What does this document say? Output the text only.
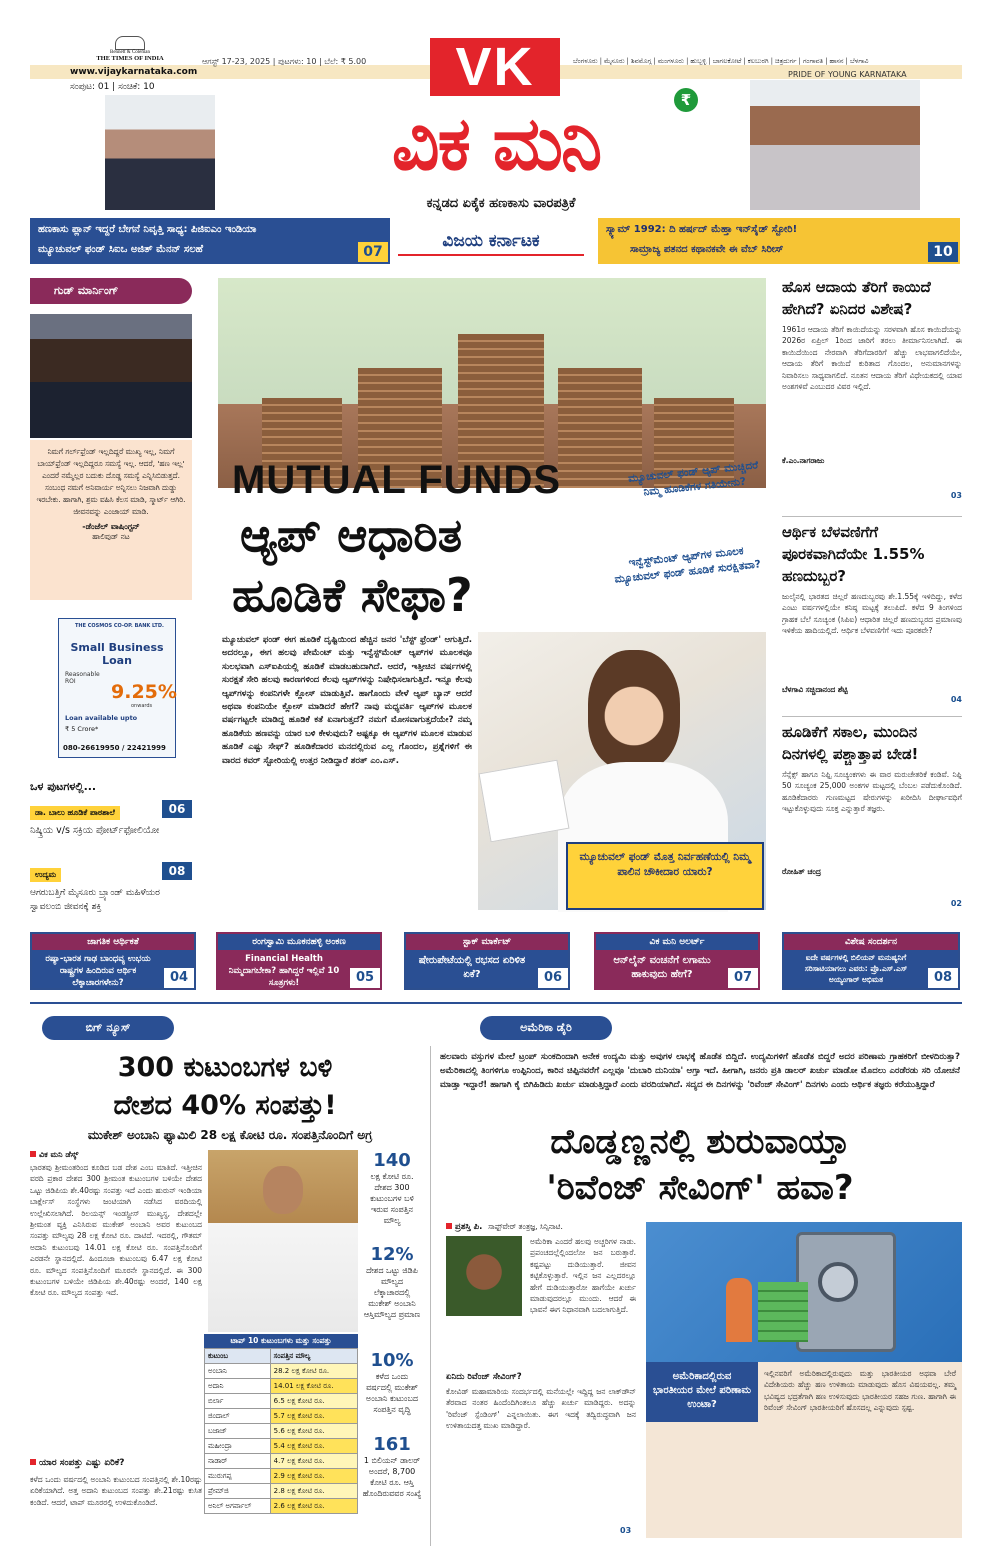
Bennett & Coleman
THE TIMES OF INDIA
www.vijaykarnataka.com
ಸಂಪುಟ: 01 | ಸಂಚಿಕೆ: 10
ಆಗಸ್ಟ್ 17-23, 2025 | ಪುಟಗಳು: 10 | ಬೆಲೆ: ₹ 5.00	ಬೆಂಗಳೂರು | ಮೈಸೂರು | ಶಿವಮೊಗ್ಗ | ಮಂಗಳೂರು | ಹುಬ್ಬಳ್ಳಿ | ಬಾಗಲಕೋಟೆ | ಕಲಬುರಗಿ | ಚಿತ್ರದುರ್ಗ | ಗಂಗಾವತಿ | ಹಾಸನ | ಬೆಳಗಾವಿ
PRIDE OF YOUNG KARNATAKA
VK
ವಿಕ ಮನಿ
₹
ಕನ್ನಡದ ಏಕೈಕ ಹಣಕಾಸು ವಾರಪತ್ರಿಕೆ
ಹಣಕಾಸು ಪ್ಲಾನ್ ಇದ್ದರೆ ಬೇಗನೆ ನಿವೃತ್ತಿ ಸಾಧ್ಯ: ಪಿಜಿಐಎಂ ಇಂಡಿಯಾ
ಮ್ಯೂಚುವಲ್ ಫಂಡ್ ಸಿಐಒ ಅಜಿತ್ ಮೆನನ್ ಸಲಹೆ	07
ವಿಜಯ ಕರ್ನಾಟಕ
ಸ್ಕ್ಯಾಮ್ 1992: ದಿ ಹರ್ಷದ್ ಮೆಹ್ತಾ ಇನ್‌ಸೈಡ್ ಸ್ಟೋರಿ!
ಸಾಮ್ರಾಜ್ಯ ಪತನದ ಕಥಾನಕವೇ ಈ ವೆಬ್ ಸಿರೀಸ್	10
ಗುಡ್ ಮಾರ್ನಿಂಗ್
ನಿಮಗೆ ಗರ್ಲ್‌ಫ್ರೆಂಡ್ ಇಲ್ಲದಿದ್ದರೆ ಮುಖ್ಯ ಇಲ್ಲ, ನಿಮಗೆ ಬಾಯ್‌ಫ್ರೆಂಡ್ ಇಲ್ಲದಿದ್ದರೂ ಸಮಸ್ಯೆ ಇಲ್ಲ. ಆದರೆ, 'ಹಣ ಇಲ್ಲ' ಎಂದರೆ ನಮ್ಮೆಲ್ಲರ ಬದುಕು ದೊಡ್ಡ ಸಮಸ್ಯೆ ಎನ್ನಿಸಿಬಿಡುತ್ತದೆ. ಸಂಬಂಧ ನಮಗೆ ಅನಿವಾರ್ಯ ಅನ್ನಿಸಲು ನಿಜವಾಗಿ ದುಡ್ಡು ಇರಬೇಕು. ಹಾಗಾಗಿ, ಶ್ರಮ ವಹಿಸಿ ಕೆಲಸ ಮಾಡಿ, ಸ್ಮಾರ್ಟ್ ಆಗಿರಿ. ಜೀವನವನ್ನು ಎಂಜಾಯ್ ಮಾಡಿ.
-ಡೆಂಜೆಲ್ ವಾಷಿಂಗ್ಟನ್
ಹಾಲಿವುಡ್ ನಟ
THE COSMOS CO-OP. BANK LTD.
Small Business Loan
Reasonable ROI	9.25%
onwards
Loan available upto
₹ 5 Crore*
080-26619950 / 22421999
ಒಳ ಪುಟಗಳಲ್ಲಿ...
ಡಾ. ಬಾಲು ಹೂಡಿಕೆ ಪಾಠಶಾಲೆ	06
ನಿಷ್ಕ್ರಿಯ v/s ಸಕ್ರಿಯ ಪೋರ್ಟ್‌ಫೋಲಿಯೋ
ಉದ್ಯಮ	08
ಆಗರುಬತ್ತಿಗೆ ಮೈಸೂರು ಬ್ರ್ಯಾಂಡ್ ಮಹಿಳೆಯರ ಸ್ವಾವಲಂಬಿ ಜೀವನಕ್ಕೆ ಶಕ್ತಿ
MUTUAL FUNDS
ಆ್ಯಪ್ ಆಧಾರಿತ
ಹೂಡಿಕೆ ಸೇಫಾ?
ಮ್ಯೂಚುವಲ್ ಫಂಡ್ ಆ್ಯಪ್ ಮುಚ್ಚಿದರೆ ನಿಮ್ಮ ಹೂಡಿಕೆಗಳ ಗತಿಯೇನು?
ಇನ್ವೆಸ್ಟ್‌ಮೆಂಟ್ ಆ್ಯಪ್‌ಗಳ ಮೂಲಕ ಮ್ಯೂಚುವಲ್ ಫಂಡ್ ಹೂಡಿಕೆ ಸುರಕ್ಷಿತವಾ?
ಮ್ಯೂಚುವಲ್ ಫಂಡ್ ಈಗ ಹೂಡಿಕೆ ದೃಷ್ಟಿಯಿಂದ ಹೆಚ್ಚಿನ ಜನರ 'ಬೆಸ್ಟ್ ಫ್ರೆಂಡ್' ಆಗುತ್ತಿದೆ. ಅದರಲ್ಲೂ, ಈಗ ಹಲವು ಪೇಮೆಂಟ್ ಮತ್ತು ಇನ್ವೆಸ್ಟ್‌ಮೆಂಟ್ ಆ್ಯಪ್‌ಗಳ ಮೂಲಕವೂ ಸುಲಭವಾಗಿ ಎಸ್ಐಪಿಯಲ್ಲಿ ಹೂಡಿಕೆ ಮಾಡಬಹುದಾಗಿದೆ. ಆದರೆ, ಇತ್ತೀಚಿನ ವರ್ಷಗಳಲ್ಲಿ ಸುರಕ್ಷತೆ ಸೇರಿ ಹಲವು ಕಾರಣಗಳಿಂದ ಕೆಲವು ಆ್ಯಪ್‌ಗಳನ್ನು ನಿಷೇಧಿಸಲಾಗುತ್ತಿದೆ. ಇನ್ನೂ ಕೆಲವು ಆ್ಯಪ್‌ಗಳನ್ನು ಕಂಪನಿಗಳೇ ಕ್ಲೋಸ್ ಮಾಡುತ್ತಿವೆ. ಹಾಗೊಂದು ವೇಳೆ ಆ್ಯಪ್ ಬ್ಯಾನ್ ಆದರೆ ಅಥವಾ ಕಂಪನಿಯೇ ಕ್ಲೋಸ್ ಮಾಡಿದರೆ ಹೇಗೆ? ನಾವು ಮಧ್ಯವರ್ತಿ ಆ್ಯಪ್‌ಗಳ ಮೂಲಕ ವರ್ಷಗಟ್ಟಲೇ ಮಾಡಿದ್ದ ಹೂಡಿಕೆ ಕತೆ ಏನಾಗುತ್ತದೆ? ನಮಗೆ ಮೋಸವಾಗುತ್ತದೆಯೇ? ನಮ್ಮ ಹೂಡಿಕೆಯ ಹಣವನ್ನು ಯಾರ ಬಳಿ ಕೇಳುವುದು? ಅಷ್ಟಕ್ಕೂ ಈ ಆ್ಯಪ್‌ಗಳ ಮೂಲಕ ಮಾಡುವ ಹೂಡಿಕೆ ಎಷ್ಟು ಸೇಫ್? ಹೂಡಿಕೆದಾರರ ಮನದಲ್ಲಿರುವ ಎಲ್ಲ ಗೊಂದಲ, ಪ್ರಶ್ನೆಗಳಿಗೆ ಈ ವಾರದ ಕವರ್ ಸ್ಟೋರಿಯಲ್ಲಿ ಉತ್ತರ ನೀಡಿದ್ದಾರೆ ಶರತ್ ಎಂ.ಎಸ್.
ಮ್ಯೂಚುವಲ್ ಫಂಡ್ ಮೊತ್ತ ನಿರ್ವಹಣೆಯಲ್ಲಿ ನಿಮ್ಮ ಪಾಲಿನ ಚೌಕೀದಾರ ಯಾರು?
ಹೊಸ ಆದಾಯ ತೆರಿಗೆ ಕಾಯಿದೆ ಹೇಗಿದೆ? ಏನಿದರ ವಿಶೇಷ?
1961ರ ಆದಾಯ ತೆರಿಗೆ ಕಾಯಿದೆಯನ್ನು ಸರಳವಾಗಿ ಹೊಸ ಕಾಯಿದೆಯನ್ನು 2026ರ ಏಪ್ರಿಲ್ 1ರಿಂದ ಜಾರಿಗೆ ತರಲು ತೀರ್ಮಾನಿಸಲಾಗಿದೆ. ಈ ಕಾಯಿದೆಯಿಂದ ನೇರವಾಗಿ ತೆರಿಗೆದಾರರಿಗೆ ಹೆಚ್ಚು ಲಾಭವಾಗಲಿದೆಯೇ, ಆದಾಯ ತೆರಿಗೆ ಕಾಯಿದೆ ಕುರಿತಾದ ಗೊಂದಲ, ಅನುಮಾನಗಳನ್ನು ನಿವಾರಿಸಲು ಸಾಧ್ಯವಾಗಲಿದೆ. ನೂತನ ಆದಾಯ ತೆರಿಗೆ ವಿಧೇಯಕದಲ್ಲಿ ಯಾವ ಅಂಶಗಳಿವೆ ಎಂಬುದರ ವಿವರ ಇಲ್ಲಿದೆ.
ಕೆ.ಎಂ.ನಾಗರಾಜು
03
ಆರ್ಥಿಕ ಬೆಳವಣಿಗೆಗೆ ಪೂರಕವಾಗಿದೆಯೇ 1.55% ಹಣದುಬ್ಬರ?
ಜುಲೈನಲ್ಲಿ ಭಾರತದ ಚಿಲ್ಲರೆ ಹಣದುಬ್ಬರವು ಶೇ.1.55ಕ್ಕೆ ಇಳಿದಿದ್ದು, ಕಳೆದ ಎಂಟು ವರ್ಷಗಳಲ್ಲಿಯೇ ಕನಿಷ್ಠ ಮಟ್ಟಕ್ಕೆ ತಲುಪಿದೆ. ಕಳೆದ 9 ತಿಂಗಳಿಂದ ಗ್ರಾಹಕ ಬೆಲೆ ಸೂಚ್ಯಂಕ (ಸಿಪಿಐ) ಆಧಾರಿತ ಚಿಲ್ಲರೆ ಹಣದುಬ್ಬರದ ಪ್ರಮಾಣವು ಇಳಿಕೆಯ ಹಾದಿಯಲ್ಲಿದೆ. ಆರ್ಥಿಕ ಬೆಳವಣಿಗೆಗೆ ಇದು ಪೂರಕವೇ?
ಬೆಳಗಾವಿ ಸಚ್ಚಿದಾನಂದ ಶೆಟ್ಟಿ
04
ಹೂಡಿಕೆಗೆ ಸಕಾಲ, ಮುಂದಿನ ದಿನಗಳಲ್ಲಿ ಪಶ್ಚಾತ್ತಾಪ ಬೇಡ!
ಸೆನ್ಸೆಕ್ಸ್ ಹಾಗೂ ನಿಫ್ಟಿ ಸೂಚ್ಯಂಕಗಳು ಈ ವಾರ ಮರುಚೇತರಿಕೆ ಕಂಡಿವೆ. ನಿಫ್ಟಿ 50 ಸೂಚ್ಯಂಕ 25,000 ಅಂಕಗಳ ಮಟ್ಟದಲ್ಲಿ ಬೆಂಬಲ ಪಡೆದುಕೊಂಡಿದೆ. ಹೂಡಿಕೆದಾರರು ಗುಣಮಟ್ಟದ ಷೇರುಗಳನ್ನು ಖರೀದಿಸಿ ದೀರ್ಘಾವಧಿಗೆ ಇಟ್ಟುಕೊಳ್ಳುವುದು ಸೂಕ್ತ ಎನ್ನುತ್ತಾರೆ ತಜ್ಞರು.
ರೋಹಿತ್ ಚಂದ್ರ
02
ಜಾಗತಿಕ ಆರ್ಥಿಕತೆ
ರಷ್ಯಾ-ಭಾರತ ಗಾಢ ಬಾಂಧವ್ಯ ಉಭಯ ರಾಷ್ಟ್ರಗಳ ಹಿಂದಿರುವ ಆರ್ಥಿಕ ಲೆಕ್ಕಾಚಾರಗಳೇನು?	04
ರಂಗಸ್ವಾಮಿ ಮೂಕನಹಳ್ಳಿ ಅಂಕಣ
Financial Health ನಿಮ್ಮದಾಗಬೇಕಾ? ಹಾಗಿದ್ದರೆ ಇಲ್ಲಿವೆ 10 ಸೂತ್ರಗಳು!	05
ಸ್ಟಾಕ್ ಮಾರ್ಕೆಟ್
ಷೇರುಪೇಟೆಯಲ್ಲಿ ರಭಸದ ಏರಿಳಿತ ಏಕೆ?	06
ವಿಕ ಮನಿ ಅಲರ್ಟ್
ಆನ್‌ಲೈನ್ ವಂಚನೆಗೆ ಲಗಾಮು ಹಾಕುವುದು ಹೇಗೆ?	07
ವಿಶೇಷ ಸಂದರ್ಶನ
ಐದೇ ವರ್ಷಗಳಲ್ಲಿ ಬಿಲಿಯನ್ ಮನುಷ್ಯನಿಗೆ ಸರಿಸಾಟಿಯಾಗಲು ಎವರು: ಪ್ರೊ.ಎಸ್.ಎಸ್ ಅಯ್ಯಂಗಾರ್ ಅಭಿಮತ	08
ಬಿಗ್ ನ್ಯೂಸ್
300 ಕುಟುಂಬಗಳ ಬಳಿ
ದೇಶದ 40% ಸಂಪತ್ತು!
ಮುಕೇಶ್ ಅಂಬಾನಿ ಫ್ಯಾಮಿಲಿ 28 ಲಕ್ಷ ಕೋಟಿ ರೂ. ಸಂಪತ್ತಿನೊಂದಿಗೆ ಅಗ್ರ
ವಿಕ ಮನಿ ಡೆಸ್ಕ್
ಭಾರತವು ಶ್ರೀಮಂತರಿಂದ ಕೂಡಿದ ಬಡ ದೇಶ ಎಂಬ ಮಾತಿದೆ. ಇತ್ತೀಚಿನ ವರದಿ ಪ್ರಕಾರ ದೇಶದ 300 ಶ್ರೀಮಂತ ಕುಟುಂಬಗಳ ಬಳಿಯೇ ದೇಶದ ಒಟ್ಟು ಜಿಡಿಪಿಯ ಶೇ.40ರಷ್ಟು ಸಂಪತ್ತು ಇದೆ ಎಂದು ಹುರುನ್ ಇಂಡಿಯಾ ಬಾರ್ಕ್ಲೇಸ್ ಸಂಸ್ಥೆಗಳು ಜಂಟಿಯಾಗಿ ನಡೆಸಿದ ವರದಿಯಲ್ಲಿ ಉಲ್ಲೇಖಿಸಲಾಗಿದೆ. ರಿಲಯನ್ಸ್ ಇಂಡಸ್ಟ್ರೀಸ್ ಮುಖ್ಯಸ್ಥ, ದೇಶದಲ್ಲೇ ಶ್ರೀಮಂತ ವ್ಯಕ್ತಿ ಎನಿಸಿರುವ ಮುಕೇಶ್ ಅಂಬಾನಿ ಅವರ ಕುಟುಂಬದ ಸಂಪತ್ತು ಮೌಲ್ಯವು 28 ಲಕ್ಷ ಕೋಟಿ ರೂ. ದಾಟಿದೆ. ಇದರಲ್ಲಿ, ಗೌತಮ್ ಅದಾನಿ ಕುಟುಂಬವು 14.01 ಲಕ್ಷ ಕೋಟಿ ರೂ. ಸಂಪತ್ತಿನೊಂದಿಗೆ ಎರಡನೇ ಸ್ಥಾನದಲ್ಲಿದೆ. ಹಿಂದೂಜಾ ಕುಟುಂಬವು 6.47 ಲಕ್ಷ ಕೋಟಿ ರೂ. ಮೌಲ್ಯದ ಸಂಪತ್ತಿನೊಂದಿಗೆ ಮೂರನೇ ಸ್ಥಾನದಲ್ಲಿದೆ. ಈ 300 ಕುಟುಂಬಗಳ ಬಳಿಯೇ ಜಿಡಿಪಿಯ ಶೇ.40ರಷ್ಟು ಅಂದರೆ, 140 ಲಕ್ಷ ಕೋಟಿ ರೂ. ಮೌಲ್ಯದ ಸಂಪತ್ತು ಇದೆ.
ಯಾರ ಸಂಪತ್ತು ಎಷ್ಟು ಏರಿಕೆ?
ಕಳೆದ ಒಂದು ವರ್ಷದಲ್ಲಿ ಅಂಬಾನಿ ಕುಟುಂಬದ ಸಂಪತ್ತಿನಲ್ಲಿ ಶೇ.10ರಷ್ಟು ಏರಿಕೆಯಾಗಿದೆ. ಅತ್ತ ಅದಾನಿ ಕುಟುಂಬದ ಸಂಪತ್ತು ಶೇ.21ರಷ್ಟು ಕುಸಿತ ಕಂಡಿದೆ. ಆದರೆ, ಟಾಪ್ ಮೂರರಲ್ಲಿ ಉಳಿದುಕೊಂಡಿದೆ.
ಟಾಪ್ 10 ಕುಟುಂಬಗಳು ಮತ್ತು ಸಂಪತ್ತು
ಕುಟುಂಬ	ಸಂಪತ್ತಿನ ಮೌಲ್ಯ
ಅಂಬಾನಿ	28.2 ಲಕ್ಷ ಕೋಟಿ ರೂ.
ಅದಾನಿ	14.01 ಲಕ್ಷ ಕೋಟಿ ರೂ.
ಬಿರ್ಲಾ	6.5 ಲಕ್ಷ ಕೋಟಿ ರೂ.
ಜಿಂದಾಲ್	5.7 ಲಕ್ಷ ಕೋಟಿ ರೂ.
ಬಜಾಜ್	5.6 ಲಕ್ಷ ಕೋಟಿ ರೂ.
ಮಹೀಂದ್ರಾ	5.4 ಲಕ್ಷ ಕೋಟಿ ರೂ.
ನಾಡಾರ್	4.7 ಲಕ್ಷ ಕೋಟಿ ರೂ.
ಮುರುಗಪ್ಪ	2.9 ಲಕ್ಷ ಕೋಟಿ ರೂ.
ಪ್ರೇಮ್‌ಜಿ	2.8 ಲಕ್ಷ ಕೋಟಿ ರೂ.
ಅನಿಲ್ ಅಗರ್ವಾಲ್	2.6 ಲಕ್ಷ ಕೋಟಿ ರೂ.
140
ಲಕ್ಷ ಕೋಟಿ ರೂ. ದೇಶದ 300 ಕುಟುಂಬಗಳ ಬಳಿ ಇರುವ ಸಂಪತ್ತಿನ ಮೌಲ್ಯ
12%
ದೇಶದ ಒಟ್ಟು ಜಿಡಿಪಿ ಮೌಲ್ಯದ ಲೆಕ್ಕಾಚಾರದಲ್ಲಿ ಮುಕೇಶ್ ಅಂಬಾನಿ ಆಸ್ತಿಮೌಲ್ಯದ ಪ್ರಮಾಣ
10%
ಕಳೆದ ಒಂದು ವರ್ಷದಲ್ಲಿ ಮುಕೇಶ್ ಅಂಬಾನಿ ಕುಟುಂಬದ ಸಂಪತ್ತಿನ ವೃದ್ಧಿ
161
1 ಬಿಲಿಯನ್ ಡಾಲರ್ ಅಂದರೆ, 8,700 ಕೋಟಿ ರೂ. ಆಸ್ತಿ ಹೊಂದಿರುವವರ ಸಂಖ್ಯೆ
ಅಮೆರಿಕಾ ಡೈರಿ
ಹಲವಾರು ವಸ್ತುಗಳ ಮೇಲೆ ಟ್ರಂಪ್ ಸುಂಕದಿಂದಾಗಿ ಅನೇಕ ಉದ್ಯಮಿ ಮತ್ತು ಅವುಗಳ ಲಾಭಕ್ಕೆ ಹೊಡೆತ ಬಿದ್ದಿದೆ. ಉದ್ಯಮಿಗಳಿಗೆ ಹೊಡೆತ ಬಿದ್ದರೆ ಅದರ ಪರಿಣಾಮ ಗ್ರಾಹಕರಿಗೆ ಬೀಳದಿರುತ್ತಾ? ಅಮೆರಿಕಾದಲ್ಲಿ ತಿಂಗಳಿಗೂ ಉಪ್ಪಿನಿಂದ, ಕಾರಿನ ಚಿಪ್ಪಿನವರೆಗೆ ಎಲ್ಲವೂ 'ದುಬಾರಿ ದುನಿಯಾ' ಆಗ್ತಾ ಇದೆ. ಹೀಗಾಗಿ, ಜನರು ಪ್ರತಿ ಡಾಲರ್ ಖರ್ಚು ಮಾಡೋ ಮೊದಲು ಎರಡೆರಡು ಸರಿ ಯೋಚನೆ ಮಾಡ್ತಾ ಇದ್ದಾರೆ! ಹಾಗಾಗಿ ಕೈ ಬಿಗಿಹಿಡಿದು ಖರ್ಚು ಮಾಡುತ್ತಿದ್ದಾರೆ ಎಂದು ವರದಿಯಾಗಿದೆ. ಸದ್ಯದ ಈ ದಿನಗಳನ್ನು 'ರಿವೆಂಜ್ ಸೇವಿಂಗ್' ದಿನಗಳು ಎಂದು ಆರ್ಥಿಕ ತಜ್ಞರು ಕರೆಯುತ್ತಿದ್ದಾರೆ
ದೊಡ್ಡಣ್ಣನಲ್ಲಿ ಶುರುವಾಯ್ತಾ
'ರಿವೆಂಜ್ ಸೇವಿಂಗ್' ಹವಾ?
ಪ್ರಶಸ್ತಿ ಪಿ. ಸಾಫ್ಟ್‌ವೇರ್ ತಂತ್ರಜ್ಞ, ಸಿನ್ಸಿನಾಟಿ.
ಅಮೆರಿಕಾ ಎಂದರೆ ಹಲವು ಅಚ್ಚರಿಗಳ ನಾಡು. ಪ್ರಪಂಚದಲ್ಲೆಲ್ಲಿಂದಲೋ ಜನ ಬರುತ್ತಾರೆ. ಕಷ್ಟಪಟ್ಟು ದುಡಿಯುತ್ತಾರೆ. ಜೀವನ ಕಟ್ಟಿಕೊಳ್ಳುತ್ತಾರೆ. ಇಲ್ಲಿನ ಜನ ಎಲ್ಲದರಲ್ಲೂ ಹೇಗೆ ದುಡಿಯುತ್ತಾರೋ ಹಾಗೆಯೇ ಖರ್ಚು ಮಾಡುವುದರಲ್ಲೂ ಮುಂದು. ಆದರೆ ಈ ಭಾವನೆ ಈಗ ನಿಧಾನವಾಗಿ ಬದಲಾಗುತ್ತಿದೆ.
ಏನಿದು ರಿವೆಂಜ್ ಸೇವಿಂಗ್?
ಕೋವಿಡ್ ಮಹಾಮಾರಿಯ ಸಂದರ್ಭದಲ್ಲಿ ಮನೆಯಲ್ಲೇ ಇದ್ದಿದ್ದ ಜನ ಲಾಕ್‌ಡೌನ್ ತೆರವಾದ ನಂತರ ಹಿಂದೆಂದಿಗಿಂತಲೂ ಹೆಚ್ಚು ಖರ್ಚು ಮಾಡಿದ್ದರು. ಅದನ್ನು 'ರಿವೆಂಜ್ ಸ್ಪೆಂಡಿಂಗ್' ಎನ್ನಲಾಯಿತು. ಈಗ ಇದಕ್ಕೆ ತದ್ವಿರುದ್ಧವಾಗಿ ಜನ ಉಳಿತಾಯದತ್ತ ಮುಖ ಮಾಡಿದ್ದಾರೆ.
03
ಅಮೆರಿಕಾದಲ್ಲಿರುವ ಭಾರತೀಯರ ಮೇಲೆ ಪರಿಣಾಮ ಉಂಟಾ?
ಇಲ್ಲಿನವರಿಗೆ ಅಮೆರಿಕಾದಲ್ಲಿರುವುದು ಮತ್ತು ಭಾರತೀಯರ ಅಥವಾ ಬೇರೆ ವಿದೇಶಿಯರು ಹೆಚ್ಚು ಹಣ ಉಳಿತಾಯ ಮಾಡುವುದು ಹೊಸ ವಿಷಯವಲ್ಲ. ತಮ್ಮ ಭವಿಷ್ಯದ ಭದ್ರತೆಗಾಗಿ ಹಣ ಉಳಿಸುವುದು ಭಾರತೀಯರ ಸಹಜ ಗುಣ. ಹಾಗಾಗಿ ಈ ರಿವೆಂಜ್ ಸೇವಿಂಗ್ ಭಾರತೀಯರಿಗೆ ಹೊಸದಲ್ಲ ಎನ್ನುವುದು ಸ್ಪಷ್ಟ.
